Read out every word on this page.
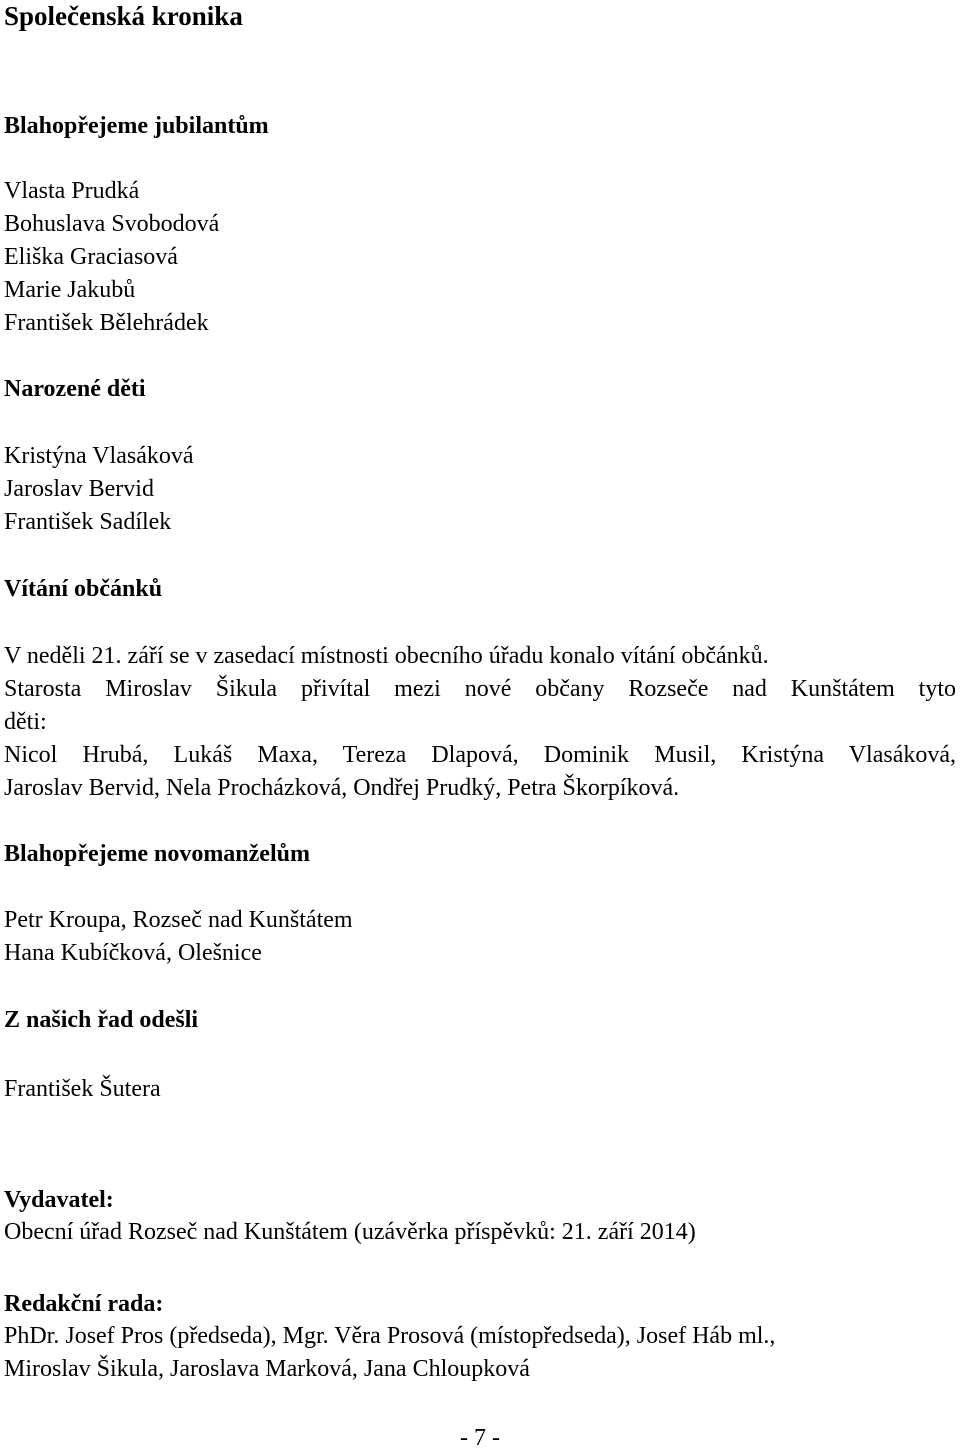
Společenská kronika
Blahopřejeme jubilantům

Vlasta Prudká

Bohuslava Svobodová

Eliška Graciasová

Marie Jakubů

František Bělehrádek

Narozené děti

Kristýna Vlasáková

Jaroslav Bervid

František Sadílek

Vítání občánků

V neděli 21. září se v zasedací místnosti obecního úřadu konalo vítání občánků.

Starosta Miroslav Šikula přivítal mezi nové občany Rozseče nad Kunštátem tyto

děti:

Nicol Hrubá, Lukáš Maxa, Tereza Dlapová, Dominik Musil, Kristýna Vlasáková,

Jaroslav Bervid, Nela Procházková, Ondřej Prudký, Petra Škorpíková.

Blahopřejeme novomanželům

Petr Kroupa, Rozseč nad Kunštátem

Hana Kubíčková, Olešnice

Z našich řad odešli

František Šutera

Vydavatel:

Obecní úřad Rozseč nad Kunštátem (uzávěrka příspěvků: 21. září 2014)

Redakční rada:

PhDr. Josef Pros (předseda), Mgr. Věra Prosová (místopředseda), Josef Háb ml.,

Miroslav Šikula, Jaroslava Marková, Jana Chloupková

- 7 -
